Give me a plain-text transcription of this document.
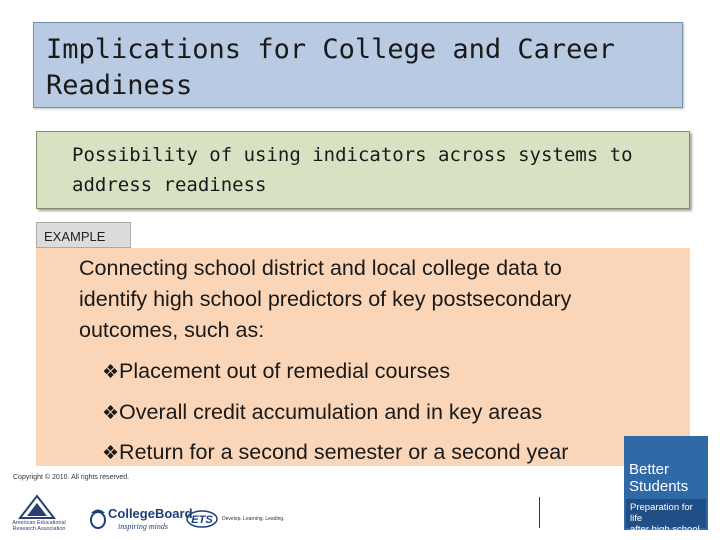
Implications for College and Career
Readiness
Possibility of using indicators across systems to
address readiness
EXAMPLE
Connecting school district and local college data to
identify high school predictors of key postsecondary
outcomes, such as:
❖Placement out of remedial courses
❖Overall credit accumulation and in key areas
❖Return for a second semester or a second year
Copyright © 2010. All rights reserved.
American Educational
Research Association
CollegeBoard
inspiring minds
ETS Develop. Learning. Leading.
Better
Students
Preparation for life
after high school
